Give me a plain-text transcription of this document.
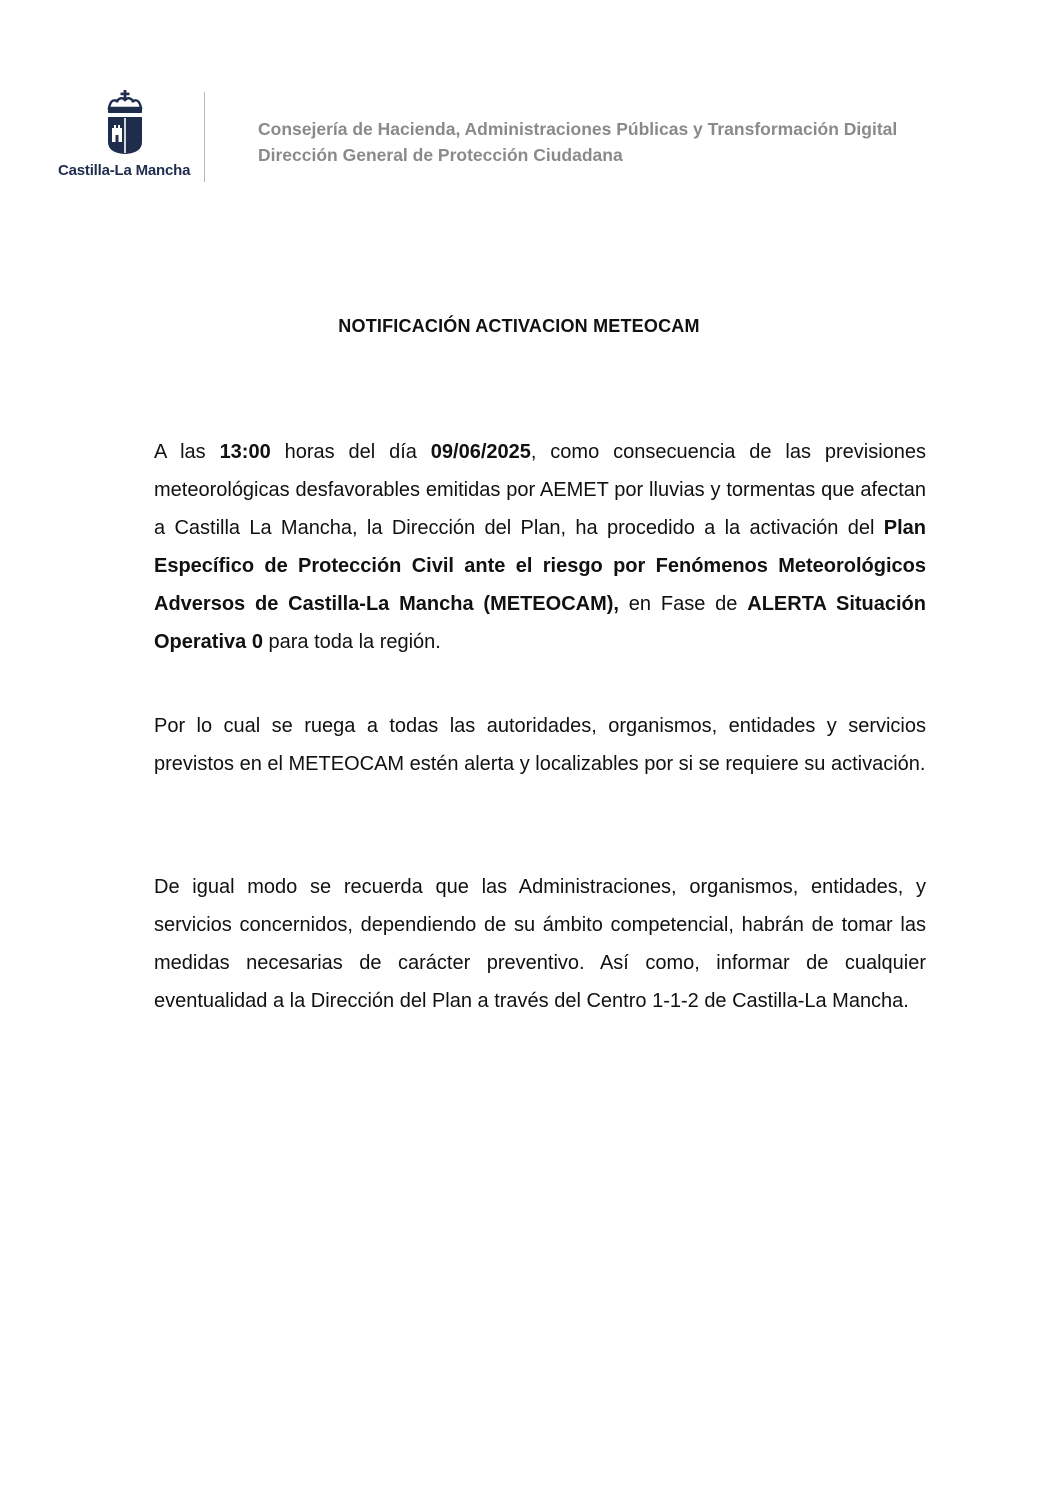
Castilla-La Mancha
Consejería de Hacienda, Administraciones Públicas y Transformación Digital
Dirección General de Protección Ciudadana
NOTIFICACIÓN ACTIVACION METEOCAM

A las 13:00 horas del día 09/06/2025, como consecuencia de las previsiones meteorológicas desfavorables emitidas por AEMET por lluvias y tormentas que afectan a Castilla La Mancha, la Dirección del Plan, ha procedido a la activación del Plan Específico de Protección Civil ante el riesgo por Fenómenos Meteorológicos Adversos de Castilla-La Mancha (METEOCAM), en Fase de ALERTA Situación Operativa 0 para toda la región.

Por lo cual se ruega a todas las autoridades, organismos, entidades y servicios previstos en el METEOCAM estén alerta y localizables por si se requiere su activación.

De igual modo se recuerda que las Administraciones, organismos, entidades, y servicios concernidos, dependiendo de su ámbito competencial, habrán de tomar las medidas necesarias de carácter preventivo. Así como, informar de cualquier eventualidad a la Dirección del Plan a través del Centro 1-1-2 de Castilla-La Mancha.
